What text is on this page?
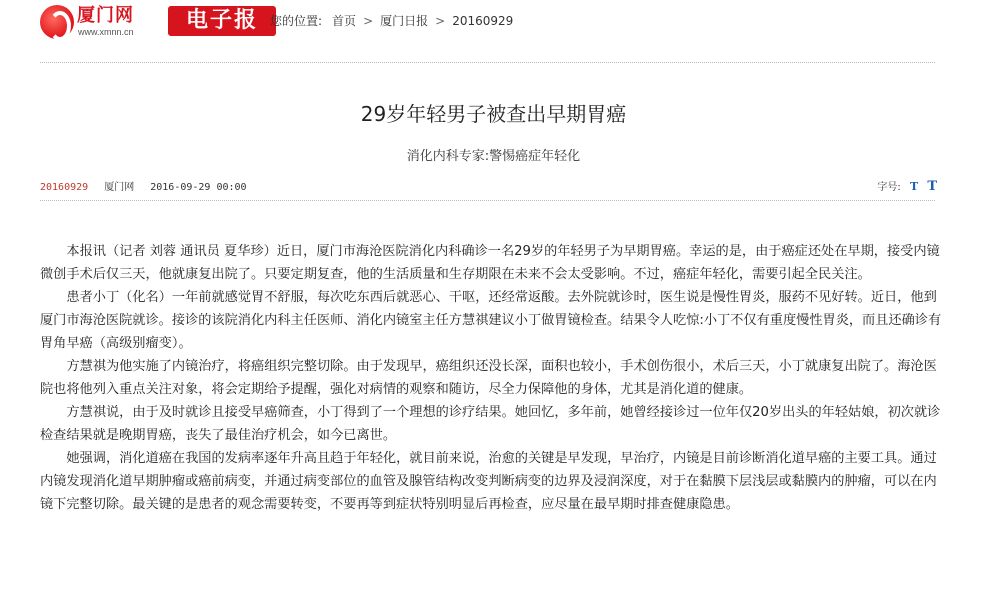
厦门网
www.xmnn.cn	电子报	您的位置: 首页 > 厦门日报 > 20160929
29岁年轻男子被查出早期胃癌
消化内科专家:警惕癌症年轻化
20160929 厦门网 2016-09-29 00:00	字号: T T

本报讯（记者 刘蓉 通讯员 夏华珍）近日，厦门市海沧医院消化内科确诊一名29岁的年轻男子为早期胃癌。幸运的是，由于癌症还处在早期，接受内镜微创手术后仅三天，他就康复出院了。只要定期复查，他的生活质量和生存期限在未来不会太受影响。不过，癌症年轻化，需要引起全民关注。

患者小丁（化名）一年前就感觉胃不舒服，每次吃东西后就恶心、干呕，还经常返酸。去外院就诊时，医生说是慢性胃炎，服药不见好转。近日，他到厦门市海沧医院就诊。接诊的该院消化内科主任医师、消化内镜室主任方慧祺建议小丁做胃镜检查。结果令人吃惊:小丁不仅有重度慢性胃炎，而且还确诊有胃角早癌（高级别瘤变）。

方慧祺为他实施了内镜治疗，将癌组织完整切除。由于发现早，癌组织还没长深，面积也较小，手术创伤很小，术后三天，小丁就康复出院了。海沧医院也将他列入重点关注对象，将会定期给予提醒，强化对病情的观察和随访，尽全力保障他的身体，尤其是消化道的健康。

方慧祺说，由于及时就诊且接受早癌筛查，小丁得到了一个理想的诊疗结果。她回忆，多年前，她曾经接诊过一位年仅20岁出头的年轻姑娘，初次就诊检查结果就是晚期胃癌，丧失了最佳治疗机会，如今已离世。

她强调，消化道癌在我国的发病率逐年升高且趋于年轻化，就目前来说，治愈的关键是早发现，早治疗，内镜是目前诊断消化道早癌的主要工具。通过内镜发现消化道早期肿瘤或癌前病变，并通过病变部位的血管及腺管结构改变判断病变的边界及浸润深度，对于在黏膜下层浅层或黏膜内的肿瘤，可以在内镜下完整切除。最关键的是患者的观念需要转变，不要再等到症状特别明显后再检查，应尽量在最早期时排查健康隐患。
